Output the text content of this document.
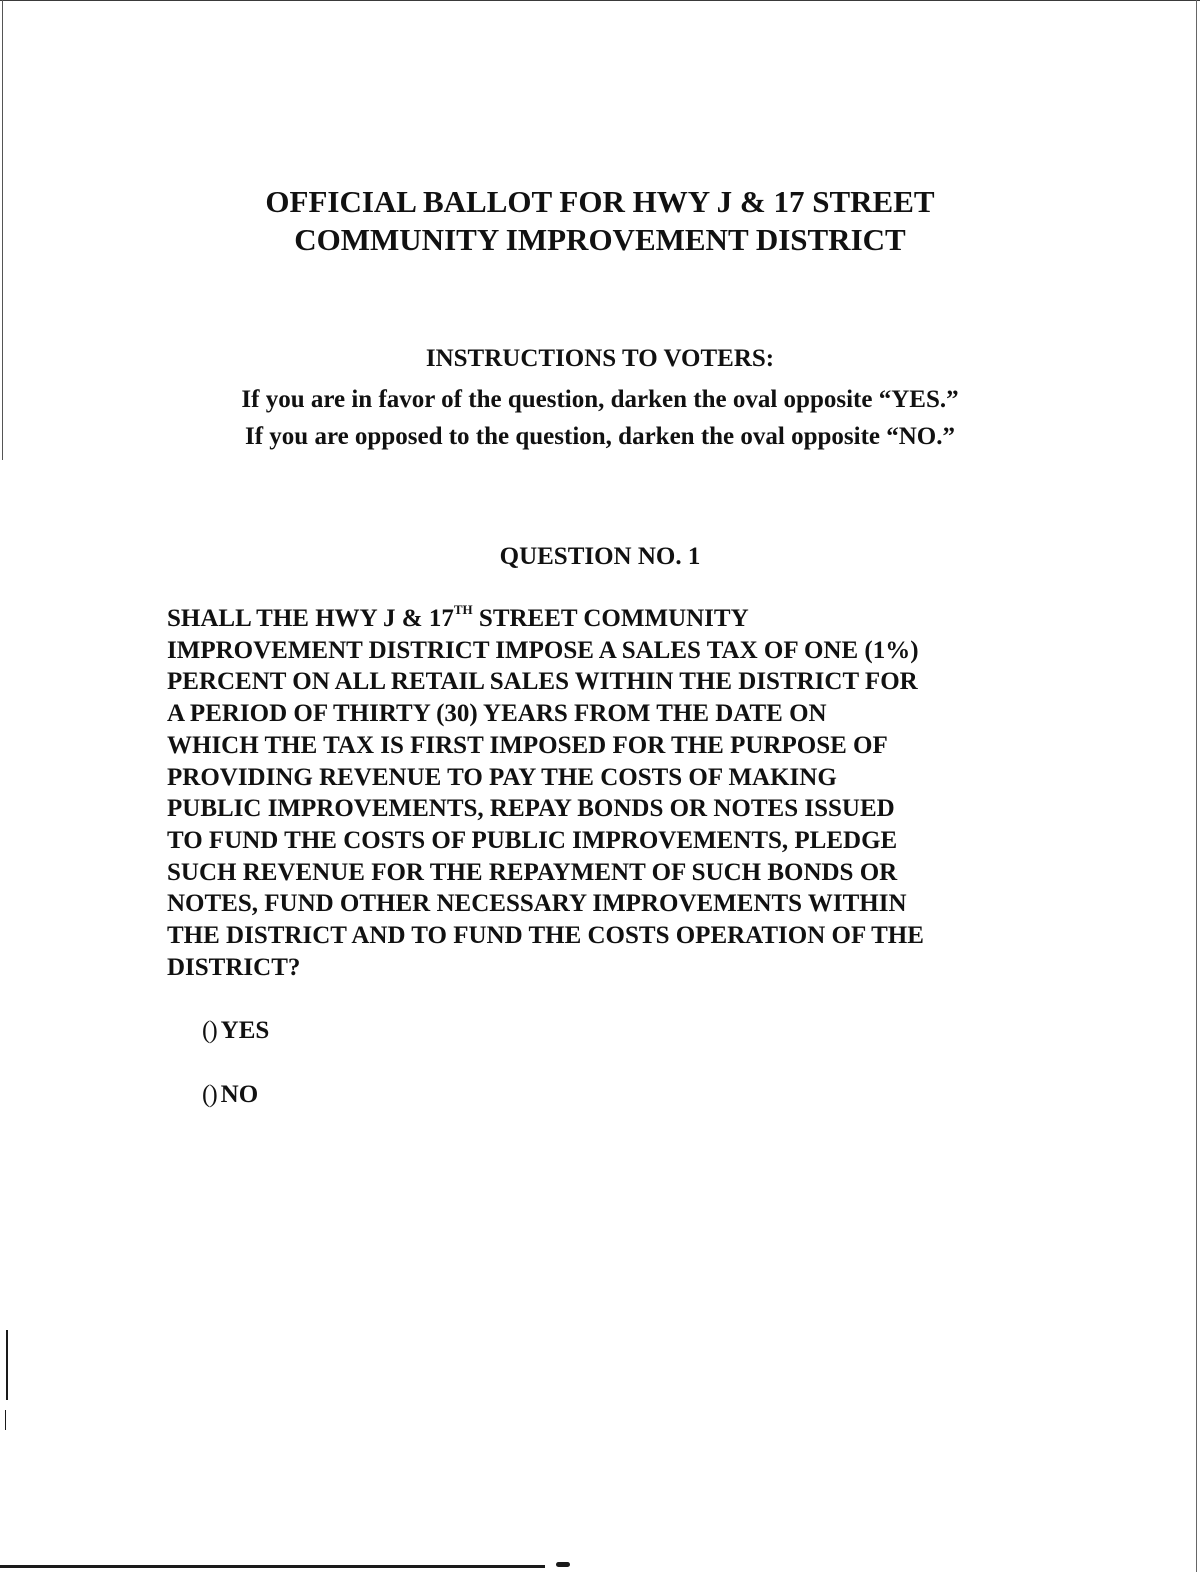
OFFICIAL BALLOT FOR HWY J & 17 STREET
COMMUNITY IMPROVEMENT DISTRICT
INSTRUCTIONS TO VOTERS:
If you are in favor of the question, darken the oval opposite “YES.”
If you are opposed to the question, darken the oval opposite “NO.”
QUESTION NO. 1
SHALL THE HWY J & 17TH STREET COMMUNITY
IMPROVEMENT DISTRICT IMPOSE A SALES TAX OF ONE (1%)
PERCENT ON ALL RETAIL SALES WITHIN THE DISTRICT FOR
A PERIOD OF THIRTY (30) YEARS FROM THE DATE ON
WHICH THE TAX IS FIRST IMPOSED FOR THE PURPOSE OF
PROVIDING REVENUE TO PAY THE COSTS OF MAKING
PUBLIC IMPROVEMENTS, REPAY BONDS OR NOTES ISSUED
TO FUND THE COSTS OF PUBLIC IMPROVEMENTS, PLEDGE
SUCH REVENUE FOR THE REPAYMENT OF SUCH BONDS OR
NOTES, FUND OTHER NECESSARY IMPROVEMENTS WITHIN
THE DISTRICT AND TO FUND THE COSTS OPERATION OF THE
DISTRICT?
() YES
() NO
